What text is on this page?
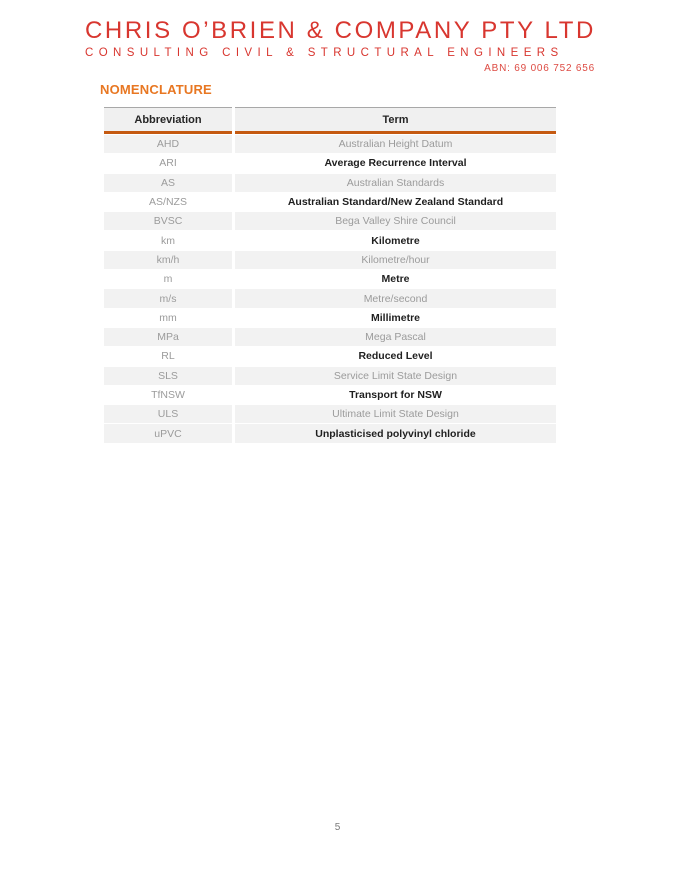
CHRIS O’BRIEN & COMPANY PTY LTD
CONSULTING CIVIL & STRUCTURAL ENGINEERS
ABN: 69 006 752 656
NOMENCLATURE
Abbreviation	Term
AHD	Australian Height Datum
ARI	Average Recurrence Interval
AS	Australian Standards
AS/NZS	Australian Standard/New Zealand Standard
BVSC	Bega Valley Shire Council
km	Kilometre
km/h	Kilometre/hour
m	Metre
m/s	Metre/second
mm	Millimetre
MPa	Mega Pascal
RL	Reduced Level
SLS	Service Limit State Design
TfNSW	Transport for NSW
ULS	Ultimate Limit State Design
uPVC	Unplasticised polyvinyl chloride
5
